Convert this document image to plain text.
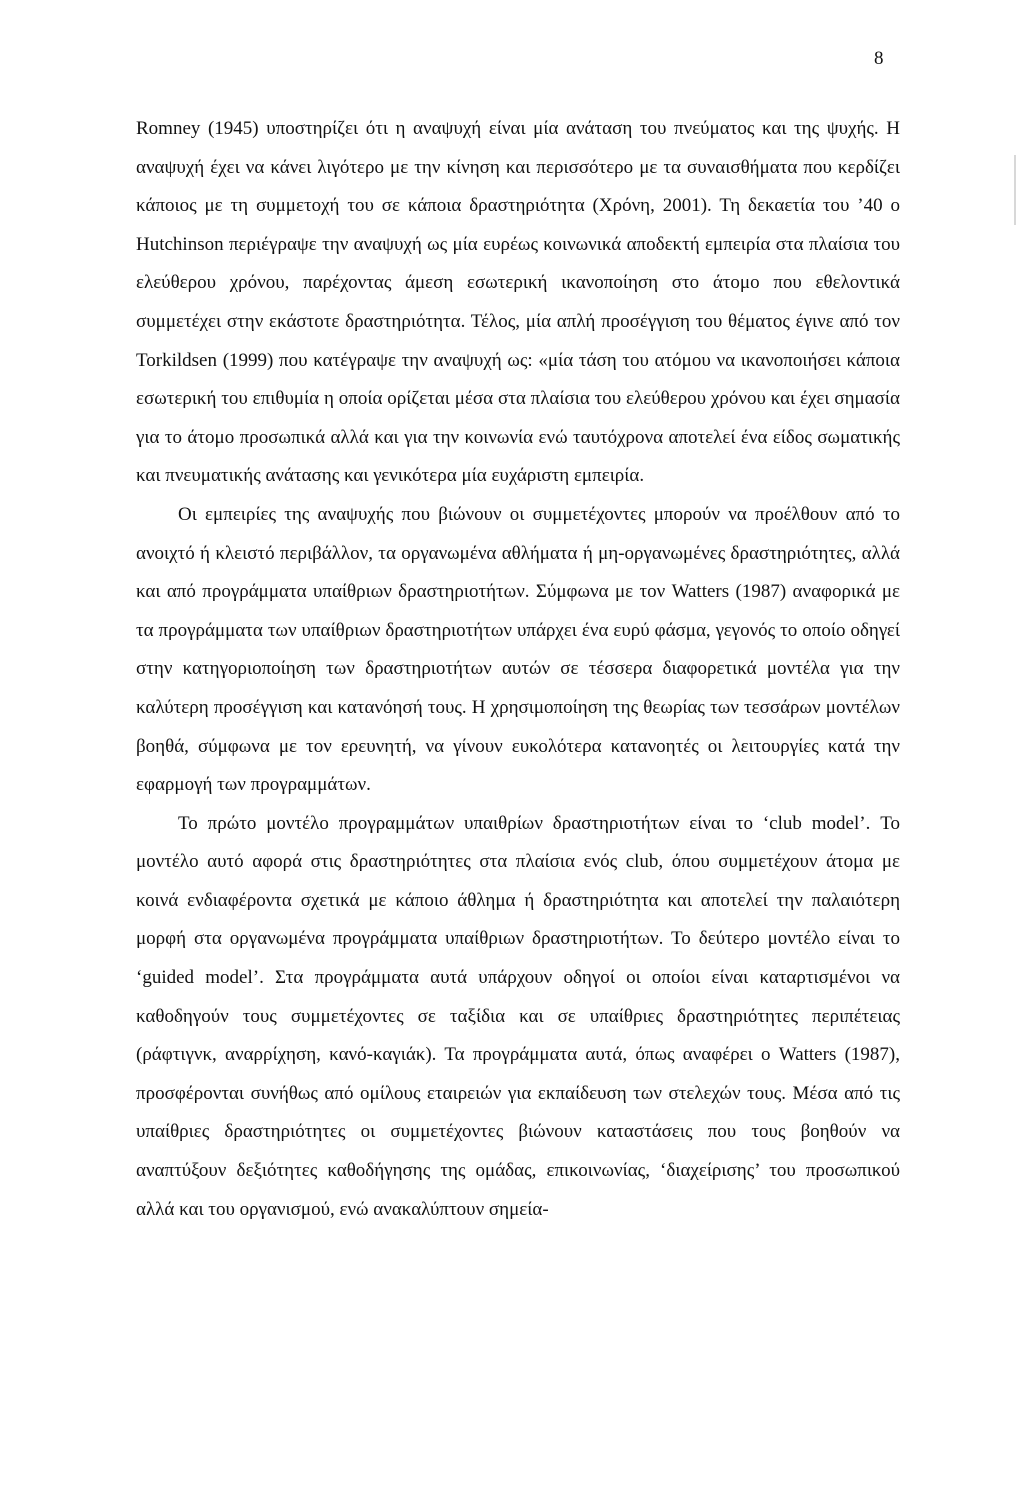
8

Romney (1945) υποστηρίζει ότι η αναψυχή είναι μία ανάταση του πνεύματος και της ψυχής. Η αναψυχή έχει να κάνει λιγότερο με την κίνηση και περισσότερο με τα συναισθήματα που κερδίζει κάποιος με τη συμμετοχή του σε κάποια δραστηριότητα (Χρόνη, 2001). Τη δεκαετία του ’40 ο Hutchinson περιέγραψε την αναψυχή ως μία ευρέως κοινωνικά αποδεκτή εμπειρία στα πλαίσια του ελεύθερου χρόνου, παρέχοντας άμεση εσωτερική ικανοποίηση στο άτομο που εθελοντικά συμμετέχει στην εκάστοτε δραστηριότητα. Τέλος, μία απλή προσέγγιση του θέματος έγινε από τον Torkildsen (1999) που κατέγραψε την αναψυχή ως: «μία τάση του ατόμου να ικανοποιήσει κάποια εσωτερική του επιθυμία η οποία ορίζεται μέσα στα πλαίσια του ελεύθερου χρόνου και έχει σημασία για το άτομο προσωπικά αλλά και για την κοινωνία ενώ ταυτόχρονα αποτελεί ένα είδος σωματικής και πνευματικής ανάτασης και γενικότερα μία ευχάριστη εμπειρία.

Οι εμπειρίες της αναψυχής που βιώνουν οι συμμετέχοντες μπορούν να προέλθουν από το ανοιχτό ή κλειστό περιβάλλον, τα οργανωμένα αθλήματα ή μη-οργανωμένες δραστηριότητες, αλλά και από προγράμματα υπαίθριων δραστηριοτήτων. Σύμφωνα με τον Watters (1987) αναφορικά με τα προγράμματα των υπαίθριων δραστηριοτήτων υπάρχει ένα ευρύ φάσμα, γεγονός το οποίο οδηγεί στην κατηγοριοποίηση των δραστηριοτήτων αυτών σε τέσσερα διαφορετικά μοντέλα για την καλύτερη προσέγγιση και κατανόησή τους. Η χρησιμοποίηση της θεωρίας των τεσσάρων μοντέλων βοηθά, σύμφωνα με τον ερευνητή, να γίνουν ευκολότερα κατανοητές οι λειτουργίες κατά την εφαρμογή των προγραμμάτων.

Το πρώτο μοντέλο προγραμμάτων υπαιθρίων δραστηριοτήτων είναι το ‘club model’. Το μοντέλο αυτό αφορά στις δραστηριότητες στα πλαίσια ενός club, όπου συμμετέχουν άτομα με κοινά ενδιαφέροντα σχετικά με κάποιο άθλημα ή δραστηριότητα και αποτελεί την παλαιότερη μορφή στα οργανωμένα προγράμματα υπαίθριων δραστηριοτήτων. Το δεύτερο μοντέλο είναι το ‘guided model’. Στα προγράμματα αυτά υπάρχουν οδηγοί οι οποίοι είναι καταρτισμένοι να καθοδηγούν τους συμμετέχοντες σε ταξίδια και σε υπαίθριες δραστηριότητες περιπέτειας (ράφτιγνκ, αναρρίχηση, κανό-καγιάκ). Τα προγράμματα αυτά, όπως αναφέρει ο Watters (1987), προσφέρονται συνήθως από ομίλους εταιρειών για εκπαίδευση των στελεχών τους. Μέσα από τις υπαίθριες δραστηριότητες οι συμμετέχοντες βιώνουν καταστάσεις που τους βοηθούν να αναπτύξουν δεξιότητες καθοδήγησης της ομάδας, επικοινωνίας, ‘διαχείρισης’ του προσωπικού αλλά και του οργανισμού, ενώ ανακαλύπτουν σημεία-
